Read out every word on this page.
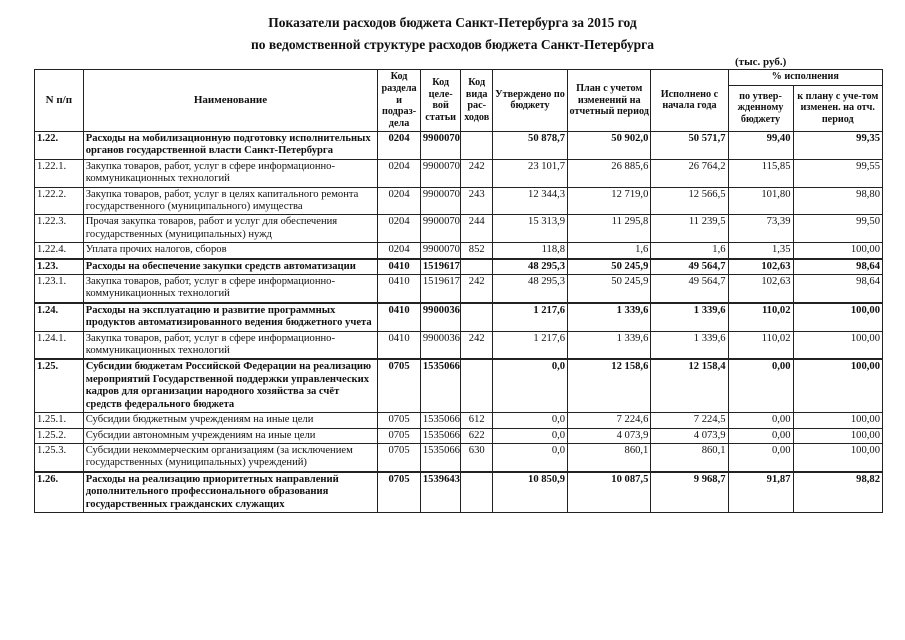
Показатели расходов бюджета Санкт-Петербурга за 2015 год
по ведомственной структуре расходов бюджета Санкт-Петербурга
(тыс. руб.)
N п/п	Наименование	Код раздела и подраз-дела	Код целе-вой статьи	Код вида рас-ходов	Утверждено по бюджету	План с учетом изменений на отчетный период	Исполнено с начала года	% исполнения	
								по утвер-жденному бюджету	к плану с уче-том изменен. на отч. период
1.22.	Расходы на мобилизационную подготовку исполнительных органов государственной власти Санкт-Петербурга	0204	9900070		50 878,7	50 902,0	50 571,7	99,40	99,35
1.22.1.	Закупка товаров, работ, услуг в сфере информационно-коммуникационных технологий	0204	9900070	242	23 101,7	26 885,6	26 764,2	115,85	99,55
1.22.2.	Закупка товаров, работ, услуг в целях капитального ремонта государственного (муниципального) имущества	0204	9900070	243	12 344,3	12 719,0	12 566,5	101,80	98,80
1.22.3.	Прочая закупка товаров, работ и услуг для обеспечения государственных (муниципальных) нужд	0204	9900070	244	15 313,9	11 295,8	11 239,5	73,39	99,50
1.22.4.	Уплата прочих налогов, сборов	0204	9900070	852	118,8	1,6	1,6	1,35	100,00
1.23.	Расходы на обеспечение закупки средств автоматизации	0410	1519617		48 295,3	50 245,9	49 564,7	102,63	98,64
1.23.1.	Закупка товаров, работ, услуг в сфере информационно-коммуникационных технологий	0410	1519617	242	48 295,3	50 245,9	49 564,7	102,63	98,64
1.24.	Расходы на эксплуатацию и развитие программных продуктов автоматизированного ведения бюджетного учета	0410	9900036		1 217,6	1 339,6	1 339,6	110,02	100,00
1.24.1.	Закупка товаров, работ, услуг в сфере информационно-коммуникационных технологий	0410	9900036	242	1 217,6	1 339,6	1 339,6	110,02	100,00
1.25.	Субсидии бюджетам Российской Федерации на реализацию мероприятий Государственной поддержки управленческих кадров для организации народного хозяйства за счёт средств федерального бюджета	0705	1535066		0,0	12 158,6	12 158,4	0,00	100,00
1.25.1.	Субсидии бюджетным учреждениям на иные цели	0705	1535066	612	0,0	7 224,6	7 224,5	0,00	100,00
1.25.2.	Субсидии автономным учреждениям на иные цели	0705	1535066	622	0,0	4 073,9	4 073,9	0,00	100,00
1.25.3.	Субсидии некоммерческим организациям (за исключением государственных (муниципальных) учреждений)	0705	1535066	630	0,0	860,1	860,1	0,00	100,00
1.26.	Расходы на реализацию приоритетных направлений дополнительного профессионального образования государственных гражданских служащих	0705	1539643		10 850,9	10 087,5	9 968,7	91,87	98,82
